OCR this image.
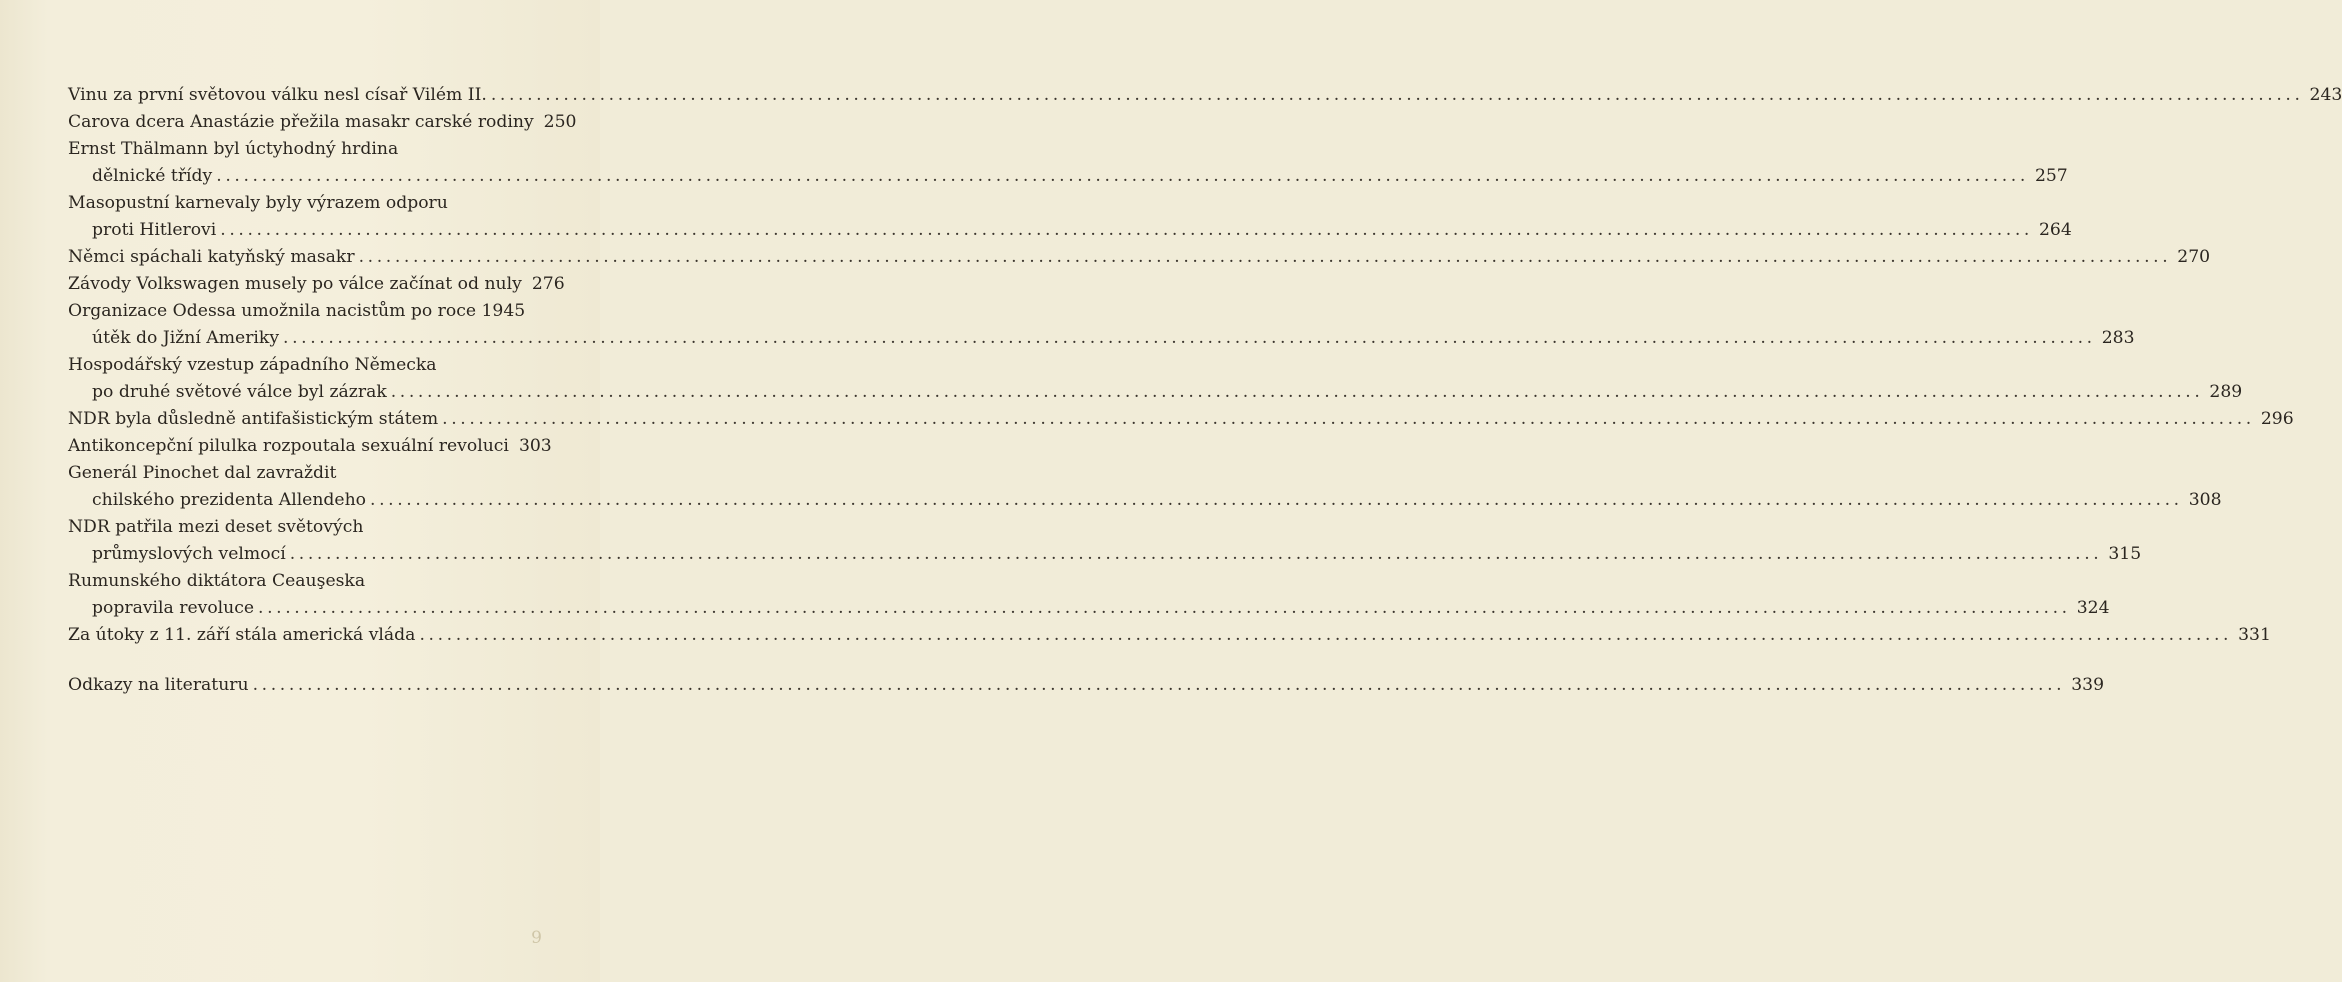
Vinu za první světovou válku nesl císař Vilém II. ........................................................................................................................................................................................................ 243
Carova dcera Anastázie přežila masakr carské rodiny 250
Ernst Thälmann byl úctyhodný hrdina
dělnické třídy ........................................................................................................................................................................................................ 257
Masopustní karnevaly byly výrazem odporu
proti Hitlerovi ........................................................................................................................................................................................................ 264
Němci spáchali katyňský masakr ........................................................................................................................................................................................................ 270
Závody Volkswagen musely po válce začínat od nuly 276
Organizace Odessa umožnila nacistům po roce 1945
útěk do Jižní Ameriky ........................................................................................................................................................................................................ 283
Hospodářský vzestup západního Německa
po druhé světové válce byl zázrak ........................................................................................................................................................................................................ 289
NDR byla důsledně antifašistickým státem ........................................................................................................................................................................................................ 296
Antikoncepční pilulka rozpoutala sexuální revoluci 303
Generál Pinochet dal zavraždit
chilského prezidenta Allendeho ........................................................................................................................................................................................................ 308
NDR patřila mezi deset světových
průmyslových velmocí ........................................................................................................................................................................................................ 315
Rumunského diktátora Ceauşeska
popravila revoluce ........................................................................................................................................................................................................ 324
Za útoky z 11. září stála americká vláda ........................................................................................................................................................................................................ 331
Odkazy na literaturu ........................................................................................................................................................................................................ 339
9
